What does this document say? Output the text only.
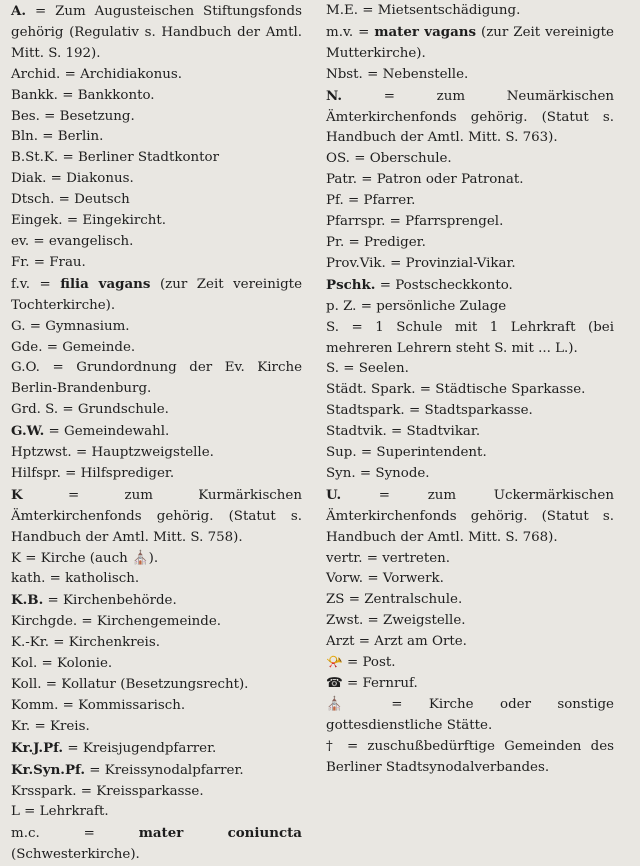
A. = Zum Augusteischen Stiftungsfonds gehörig (Regulativ s. Handbuch der Amtl. Mitt. S. 192).

Archid. = Archidiakonus.

Bankk. = Bankkonto.

Bes. = Besetzung.

Bln. = Berlin.

B.St.K. = Berliner Stadtkontor

Diak. = Diakonus.

Dtsch. = Deutsch

Eingek. = Eingekircht.

ev. = evangelisch.

Fr. = Frau.

f.v. = filia vagans (zur Zeit vereinigte Tochterkirche).

G. = Gymnasium.

Gde. = Gemeinde.

G.O. = Grundordnung der Ev. Kirche Berlin-Brandenburg.

Grd. S. = Grundschule.

G.W. = Gemeindewahl.

Hptzwst. = Hauptzweigstelle.

Hilfspr. = Hilfsprediger.

K	=	zum Kurmärkischen Ämterkirchenfonds gehörig. (Statut s. Handbuch der Amtl. Mitt. S. 758).

K = Kirche (auch ⛪).

kath. = katholisch.

K.B. = Kirchenbehörde.

Kirchgde. = Kirchengemeinde.

K.-Kr. = Kirchenkreis.

Kol. = Kolonie.

Koll. = Kollatur (Besetzungsrecht).

Komm. = Kommissarisch.

Kr. = Kreis.

Kr.J.Pf. = Kreisjugendpfarrer.

Kr.Syn.Pf. = Kreissynodalpfarrer.

Krsspark. = Kreissparkasse.

L = Lehrkraft.

m.c.	=	mater coniuncta (Schwesterkirche).

M.E. = Mietsentschädigung.

m.v. = mater vagans (zur Zeit vereinigte Mutterkirche).

Nbst. = Nebenstelle.

N.	=	zum Neumärkischen Ämterkirchenfonds gehörig. (Statut s. Handbuch der Amtl. Mitt. S. 763).

OS. = Oberschule.

Patr. = Patron oder Patronat.

Pf. = Pfarrer.

Pfarrspr. = Pfarrsprengel.

Pr. = Prediger.

Prov.Vik. = Provinzial-Vikar.

Pschk. = Postscheckkonto.

p. Z. = persönliche Zulage

S. = 1 Schule mit 1 Lehrkraft (bei mehreren Lehrern steht S. mit ... L.).

S. = Seelen.

Städt. Spark. = Städtische Sparkasse.

Stadtspark. = Stadtsparkasse.

Stadtvik. = Stadtvikar.

Sup. = Superintendent.

Syn. = Synode.

U.	=	zum Uckermärkischen Ämterkirchenfonds gehörig. (Statut s. Handbuch der Amtl. Mitt. S. 768).

vertr. = vertreten.

Vorw. = Vorwerk.

ZS = Zentralschule.

Zwst. = Zweigstelle.

Arzt = Arzt am Orte.

📯 = Post.

☎ = Fernruf.

⛪ = Kirche oder sonstige gottesdienstliche Stätte.

† = zuschußbedürftige Gemeinden des Berliner Stadtsynodalverbandes.
